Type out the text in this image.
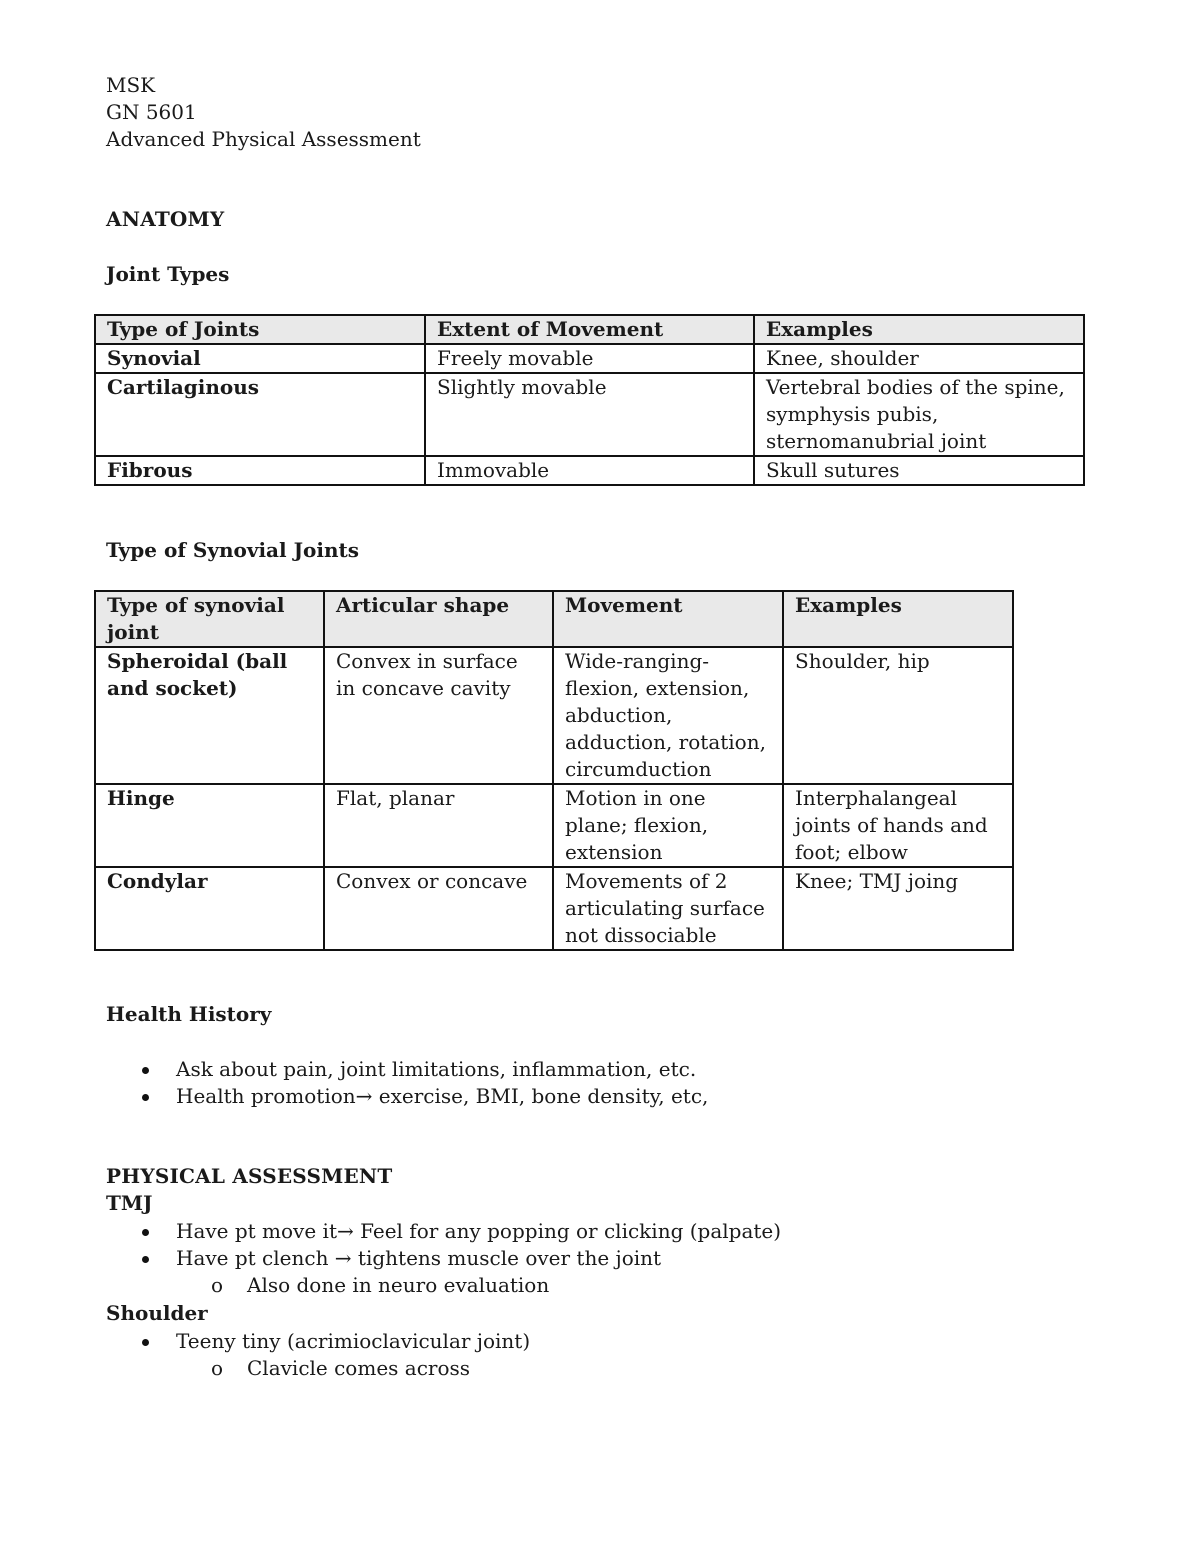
MSK
GN 5601
Advanced Physical Assessment
ANATOMY
Joint Types
Type of Joints	Extent of Movement	Examples
Synovial	Freely movable	Knee, shoulder
Cartilaginous	Slightly movable	Vertebral bodies of the spine, symphysis pubis, sternomanubrial joint
Fibrous	Immovable	Skull sutures
Type of Synovial Joints
Type of synovial joint	Articular shape	Movement	Examples
Spheroidal (ball and socket)	Convex in surface in concave cavity	Wide-ranging- flexion, extension, abduction, adduction, rotation, circumduction	Shoulder, hip
Hinge	Flat, planar	Motion in one plane; flexion, extension	Interphalangeal joints of hands and foot; elbow
Condylar	Convex or concave	Movements of 2 articulating surface not dissociable	Knee; TMJ joing
Health History
Ask about pain, joint limitations, inflammation, etc.
Health promotion→ exercise, BMI, bone density, etc,
PHYSICAL ASSESSMENT
TMJ
Have pt move it→ Feel for any popping or clicking (palpate)
Have pt clench → tightens muscle over the joint
o Also done in neuro evaluation
Shoulder
Teeny tiny (acrimioclavicular joint)
o Clavicle comes across
